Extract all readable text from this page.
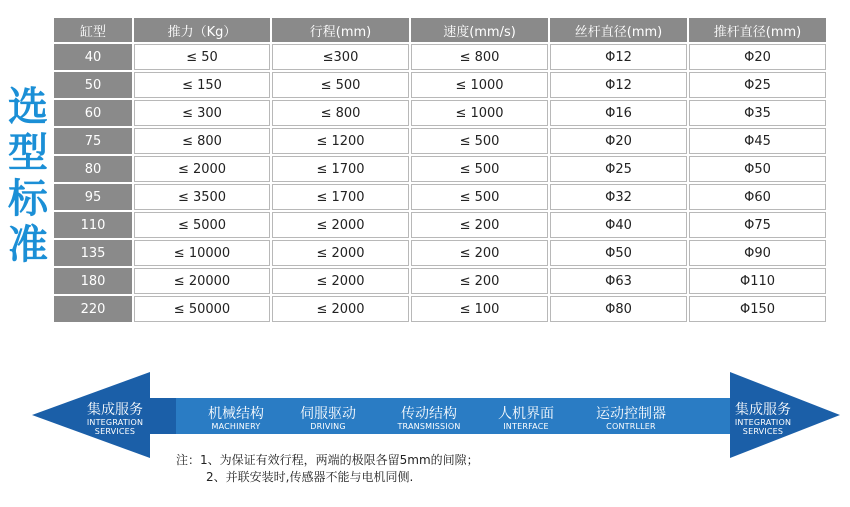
选
型
标
准
缸型	推力（Kg）	行程(mm)	速度(mm/s)	丝杆直径(mm)	推杆直径(mm)
40	≤ 50	≤300	≤ 800	Φ12	Φ20
50	≤ 150	≤ 500	≤ 1000	Φ12	Φ25
60	≤ 300	≤ 800	≤ 1000	Φ16	Φ35
75	≤ 800	≤ 1200	≤ 500	Φ20	Φ45
80	≤ 2000	≤ 1700	≤ 500	Φ25	Φ50
95	≤ 3500	≤ 1700	≤ 500	Φ32	Φ60
110	≤ 5000	≤ 2000	≤ 200	Φ40	Φ75
135	≤ 10000	≤ 2000	≤ 200	Φ50	Φ90
180	≤ 20000	≤ 2000	≤ 200	Φ63	Φ110
220	≤ 50000	≤ 2000	≤ 100	Φ80	Φ150
集成服务
INTEGRATION
SERVICES
集成服务
INTEGRATION
SERVICES
机械结构
MACHINERY
伺服驱动
DRIVING
传动结构
TRANSMISSION
人机界面
INTERFACE
运动控制器
CONTRLLER
注：1、为保证有效行程，两端的极限各留5mm的间隙；
2、并联安装时,传感器不能与电机同侧.
